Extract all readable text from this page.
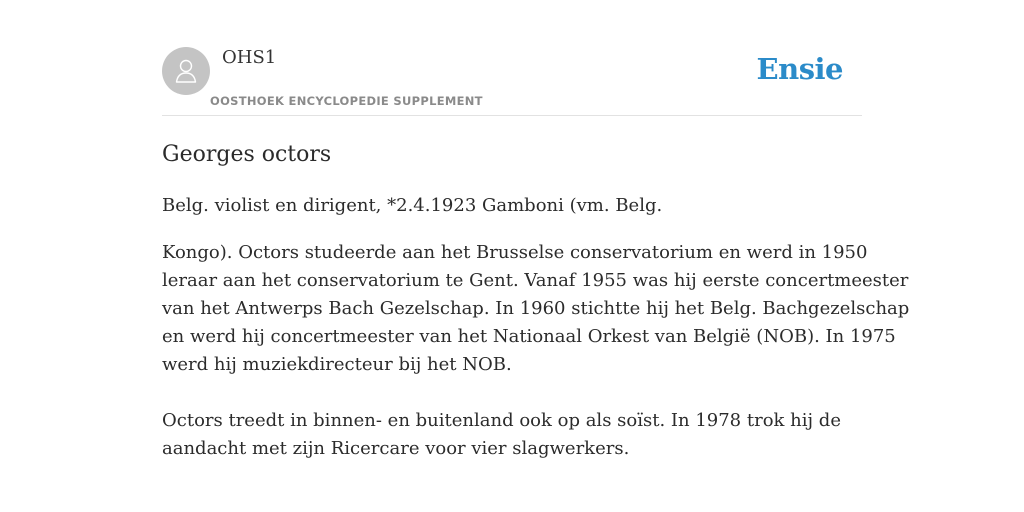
OHS1
OOSTHOEK ENCYCLOPEDIE SUPPLEMENT
Ensie
Georges octors

Belg. violist en dirigent, *2.4.1923 Gamboni (vm. Belg.

Kongo). Octors studeerde aan het Brusselse conservatorium en werd in 1950
leraar aan het conservatorium te Gent. Vanaf 1955 was hij eerste concertmeester
van het Antwerps Bach Gezelschap. In 1960 stichtte hij het Belg. Bachgezelschap
en werd hij concertmeester van het Nationaal Orkest van België (NOB). In 1975
werd hij muziekdirecteur bij het NOB.

Octors treedt in binnen- en buitenland ook op als soïst. In 1978 trok hij de
aandacht met zijn Ricercare voor vier slagwerkers.
